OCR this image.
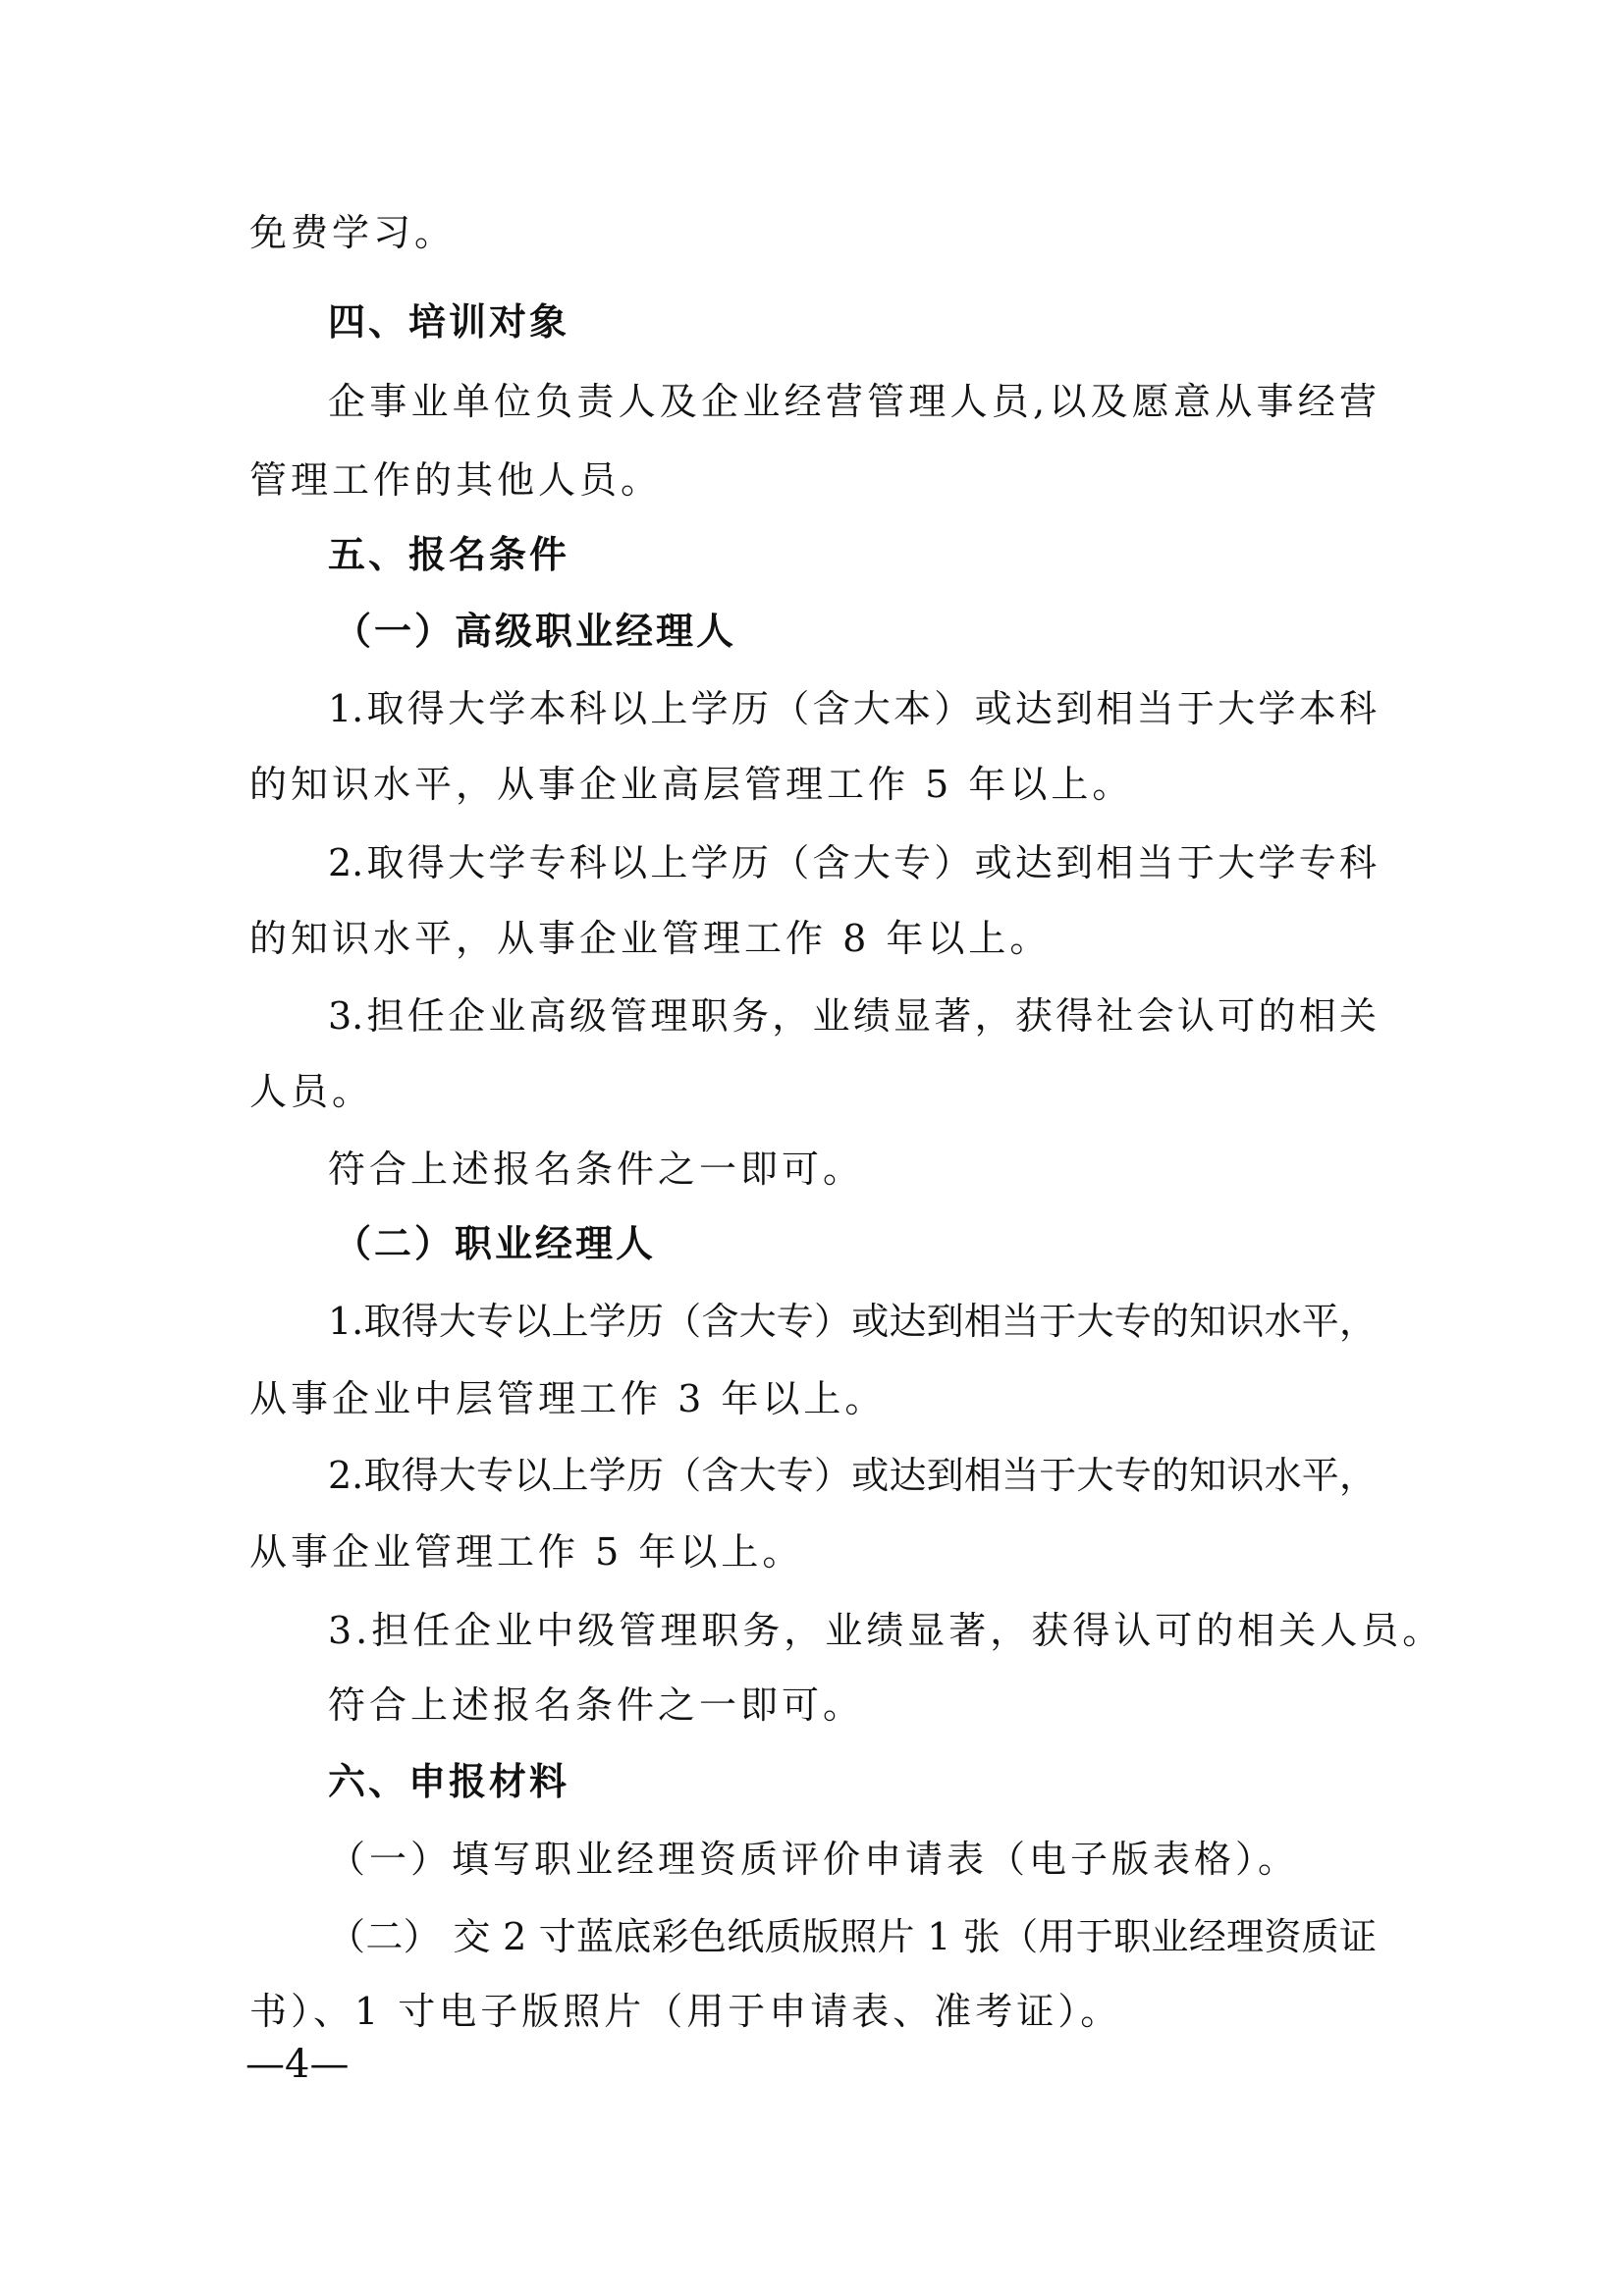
免费学习。
四、培训对象
企事业单位负责人及企业经营管理人员,以及愿意从事经营
管理工作的其他人员。
五、报名条件
（一）高级职业经理人
1.取得大学本科以上学历（含大本）或达到相当于大学本科
的知识水平，从事企业高层管理工作 5 年以上。
2.取得大学专科以上学历（含大专）或达到相当于大学专科
的知识水平，从事企业管理工作 8 年以上。
3.担任企业高级管理职务，业绩显著，获得社会认可的相关
人员。
符合上述报名条件之一即可。
（二）职业经理人
1.取得大专以上学历（含大专）或达到相当于大专的知识水平，
从事企业中层管理工作 3 年以上。
2.取得大专以上学历（含大专）或达到相当于大专的知识水平，
从事企业管理工作 5 年以上。
3.担任企业中级管理职务，业绩显著，获得认可的相关人员。
符合上述报名条件之一即可。
六、申报材料
（一）填写职业经理资质评价申请表（电子版表格）。
（二） 交 2 寸蓝底彩色纸质版照片 1 张（用于职业经理资质证
书）、1 寸电子版照片（用于申请表、准考证）。
—4—
